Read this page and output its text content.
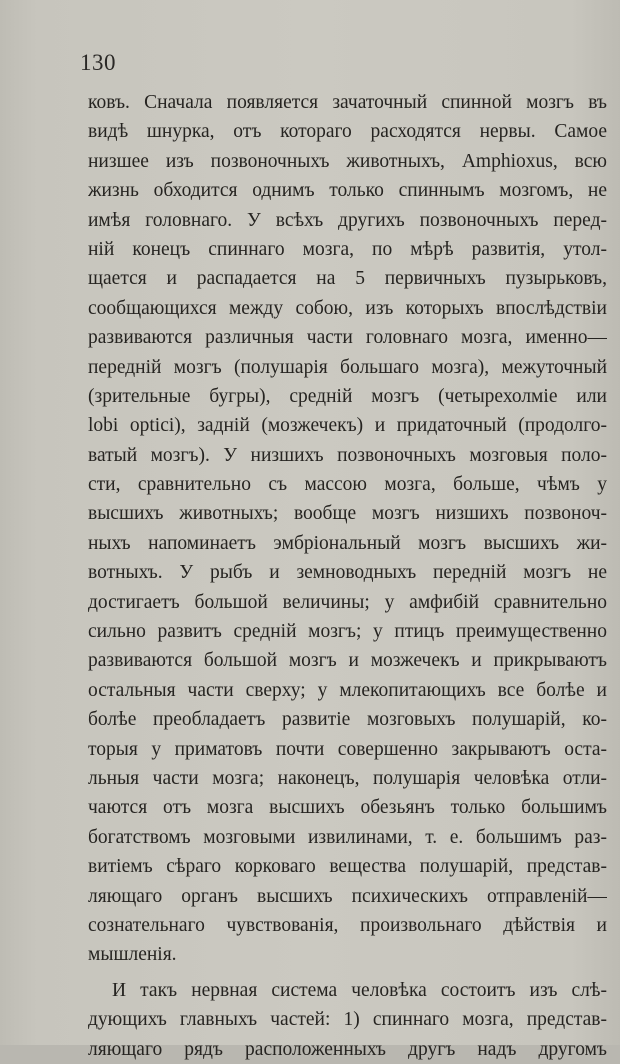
130
ковъ. Сначала появляется зачаточный спинной мозгъ въ
видѣ шнурка, отъ котораго расходятся нервы. Самое
низшее изъ позвоночныхъ животныхъ, Amphioxus, всю
жизнь обходится однимъ только спиннымъ мозгомъ, не
имѣя головнаго. У всѣхъ другихъ позвоночныхъ перед-
ній конецъ спиннаго мозга, по мѣрѣ развитія, утол-
щается и распадается на 5 первичныхъ пузырьковъ,
сообщающихся между собою, изъ которыхъ впослѣдствіи
развиваются различныя части головнаго мозга, именно—
передній мозгъ (полушарія большаго мозга), межуточный
(зрительные бугры), средній мозгъ (четырехолміе или
lobi optici), задній (мозжечекъ) и придаточный (продолго-
ватый мозгъ). У низшихъ позвоночныхъ мозговыя поло-
сти, сравнительно съ массою мозга, больше, чѣмъ у
высшихъ животныхъ; вообще мозгъ низшихъ позвоноч-
ныхъ напоминаетъ эмбріональный мозгъ высшихъ жи-
вотныхъ. У рыбъ и земноводныхъ передній мозгъ не
достигаетъ большой величины; у амфибій сравнительно
сильно развитъ средній мозгъ; у птицъ преимущественно
развиваются большой мозгъ и мозжечекъ и прикрываютъ
остальныя части сверху; у млекопитающихъ все болѣе и
болѣе преобладаетъ развитіе мозговыхъ полушарій, ко-
торыя у приматовъ почти совершенно закрываютъ оста-
льныя части мозга; наконецъ, полушарія человѣка отли-
чаются отъ мозга высшихъ обезьянъ только большимъ
богатствомъ мозговыми извилинами, т. е. большимъ раз-
витіемъ сѣраго корковаго вещества полушарій, представ-
ляющаго органъ высшихъ психическихъ отправленій—
сознательнаго чувствованія, произвольнаго дѣйствія и
мышленія.
И такъ нервная система человѣка состоитъ изъ слѣ-
дующихъ главныхъ частей: 1) спиннаго мозга, представ-
ляющаго рядъ расположенныхъ другъ надъ другомъ
